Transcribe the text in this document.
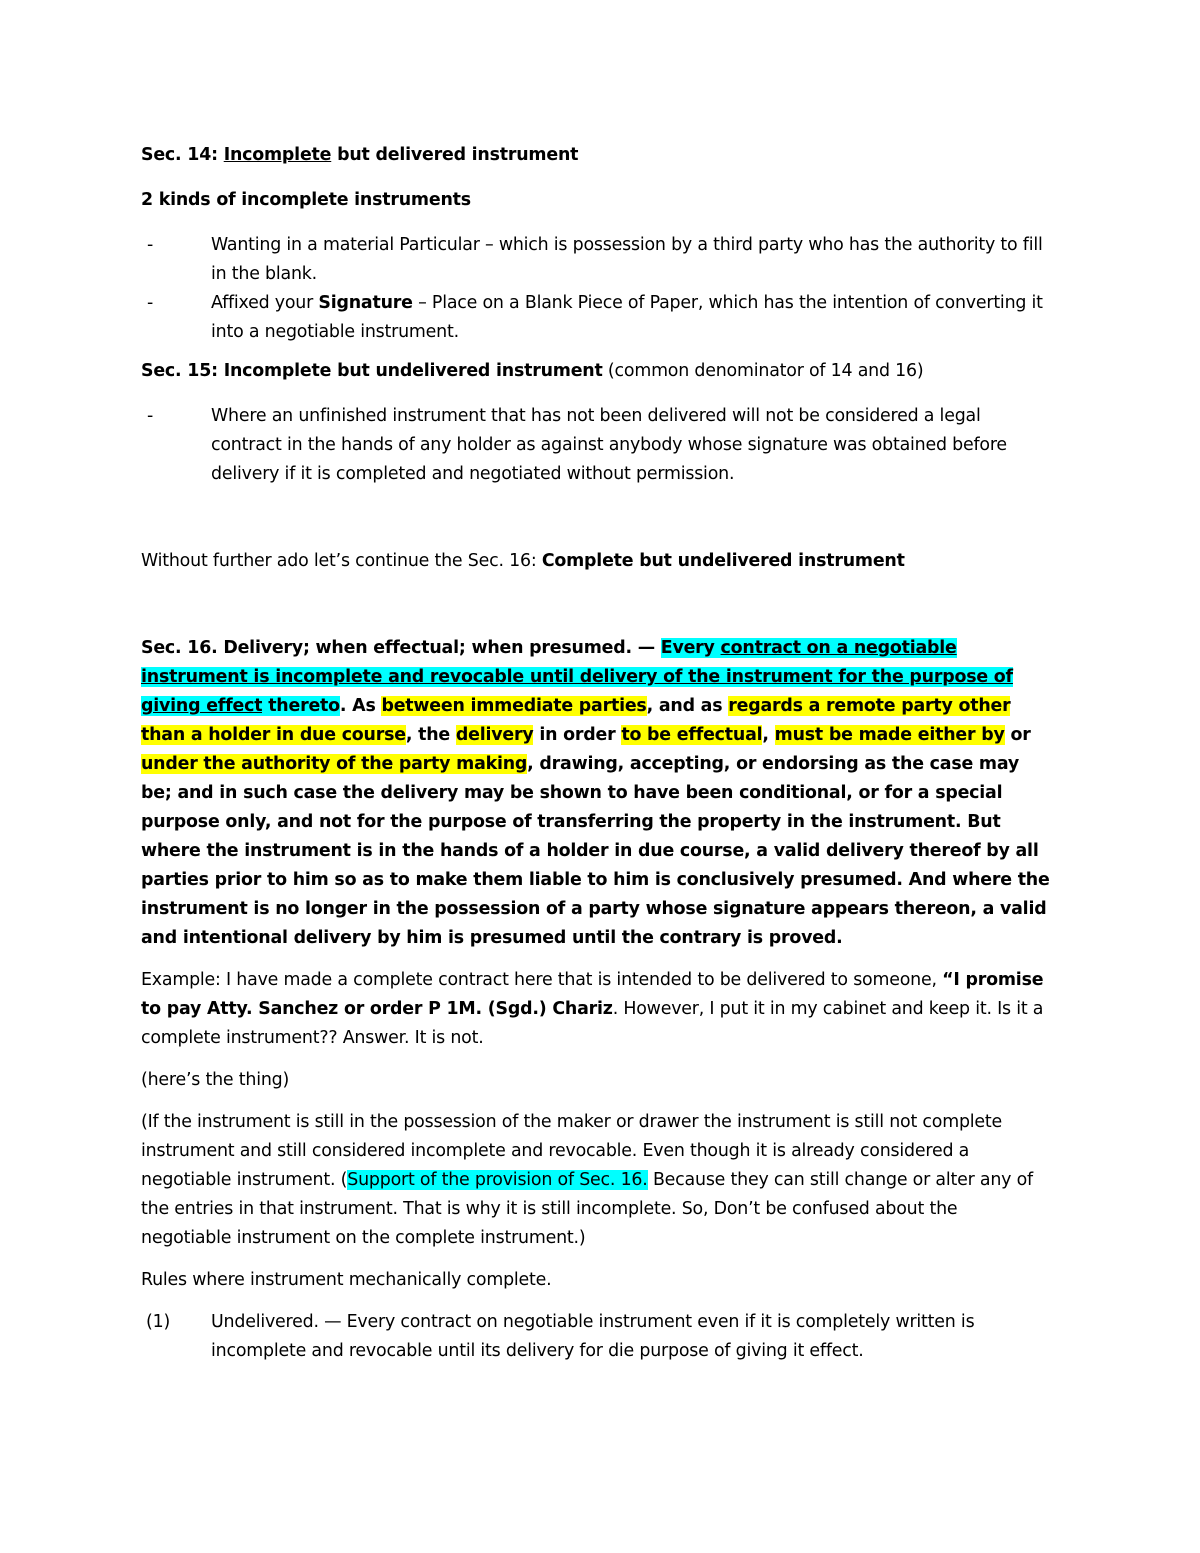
Sec. 14: Incomplete but delivered instrument

2 kinds of incomplete instruments

-	Wanting in a material Particular – which is possession by a third party who has the authority to fill in the blank.
-	Affixed your Signature – Place on a Blank Piece of Paper, which has the intention of converting it into a negotiable instrument.

Sec. 15: Incomplete but undelivered instrument (common denominator of 14 and 16)

-	Where an unfinished instrument that has not been delivered will not be considered a legal contract in the hands of any holder as against anybody whose signature was obtained before delivery if it is completed and negotiated without permission.

Without further ado let’s continue the Sec. 16: Complete but undelivered instrument

Sec. 16. Delivery; when effectual; when presumed. — Every contract on a negotiable instrument is incomplete and revocable until delivery of the instrument for the purpose of giving effect thereto. As between immediate parties, and as regards a remote party other than a holder in due course, the delivery in order to be effectual, must be made either by or under the authority of the party making, drawing, accepting, or endorsing as the case may be; and in such case the delivery may be shown to have been conditional, or for a special purpose only, and not for the purpose of transferring the property in the instrument. But where the instrument is in the hands of a holder in due course, a valid delivery thereof by all parties prior to him so as to make them liable to him is conclusively presumed. And where the instrument is no longer in the possession of a party whose signature appears thereon, a valid and intentional delivery by him is presumed until the contrary is proved.

Example: I have made a complete contract here that is intended to be delivered to someone, “I promise to pay Atty. Sanchez or order P 1M. (Sgd.) Chariz. However, I put it in my cabinet and keep it. Is it a complete instrument?? Answer. It is not.

(here’s the thing)

(If the instrument is still in the possession of the maker or drawer the instrument is still not complete instrument and still considered incomplete and revocable. Even though it is already considered a negotiable instrument. (Support of the provision of Sec. 16. Because they can still change or alter any of the entries in that instrument. That is why it is still incomplete. So, Don’t be confused about the negotiable instrument on the complete instrument.)

Rules where instrument mechanically complete.

(1) Undelivered. — Every contract on negotiable instrument even if it is completely written is incomplete and revocable until its delivery for die purpose of giving it effect.
